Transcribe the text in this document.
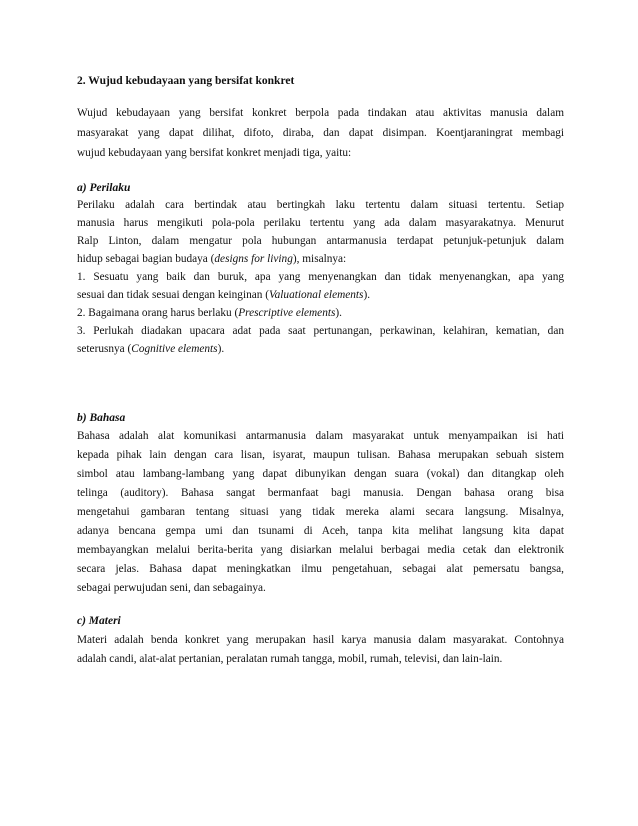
2. Wujud kebudayaan yang bersifat konkret
Wujud kebudayaan yang bersifat konkret berpola pada tindakan atau aktivitas manusia dalam
masyarakat yang dapat dilihat, difoto, diraba, dan dapat disimpan. Koentjaraningrat membagi
wujud kebudayaan yang bersifat konkret menjadi tiga, yaitu:
a) Perilaku
Perilaku adalah cara bertindak atau bertingkah laku tertentu dalam situasi tertentu. Setiap
manusia harus mengikuti pola-pola perilaku tertentu yang ada dalam masyarakatnya. Menurut
Ralp Linton, dalam mengatur pola hubungan antarmanusia terdapat petunjuk-petunjuk dalam
hidup sebagai bagian budaya (designs for living), misalnya:
1. Sesuatu yang baik dan buruk, apa yang menyenangkan dan tidak menyenangkan, apa yang
sesuai dan tidak sesuai dengan keinginan (Valuational elements).
2. Bagaimana orang harus berlaku (Prescriptive elements).
3. Perlukah diadakan upacara adat pada saat pertunangan, perkawinan, kelahiran, kematian, dan
seterusnya (Cognitive elements).
b) Bahasa
Bahasa adalah alat komunikasi antarmanusia dalam masyarakat untuk menyampaikan isi hati
kepada pihak lain dengan cara lisan, isyarat, maupun tulisan. Bahasa merupakan sebuah sistem
simbol atau lambang-lambang yang dapat dibunyikan dengan suara (vokal) dan ditangkap oleh
telinga (auditory). Bahasa sangat bermanfaat bagi manusia. Dengan bahasa orang bisa
mengetahui gambaran tentang situasi yang tidak mereka alami secara langsung. Misalnya,
adanya bencana gempa umi dan tsunami di Aceh, tanpa kita melihat langsung kita dapat
membayangkan melalui berita-berita yang disiarkan melalui berbagai media cetak dan elektronik
secara jelas. Bahasa dapat meningkatkan ilmu pengetahuan, sebagai alat pemersatu bangsa,
sebagai perwujudan seni, dan sebagainya.
c) Materi
Materi adalah benda konkret yang merupakan hasil karya manusia dalam masyarakat. Contohnya
adalah candi, alat-alat pertanian, peralatan rumah tangga, mobil, rumah, televisi, dan lain-lain.
